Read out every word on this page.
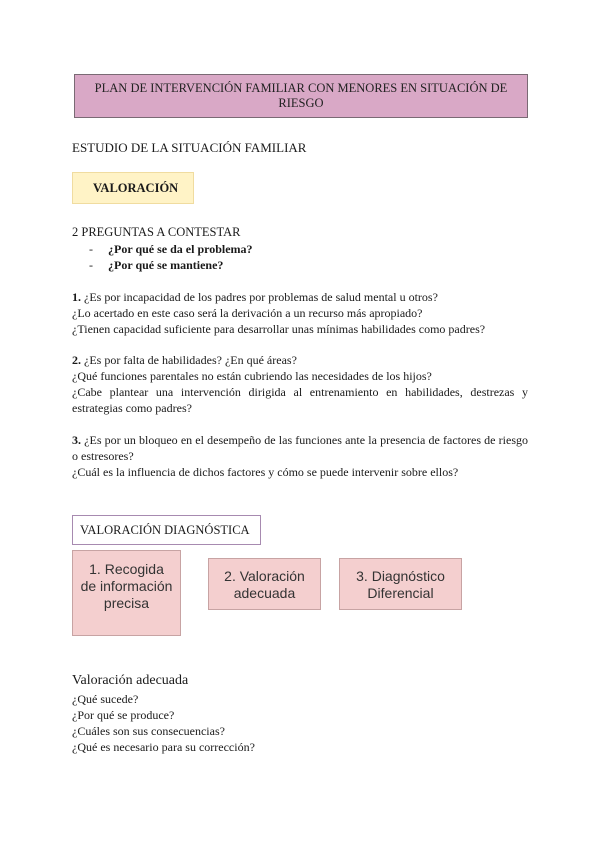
PLAN DE INTERVENCIÓN FAMILIAR CON MENORES EN SITUACIÓN DE
RIESGO
ESTUDIO DE LA SITUACIÓN FAMILIAR
VALORACIÓN
2 PREGUNTAS A CONTESTAR
- ¿Por qué se da el problema?
- ¿Por qué se mantiene?
1. ¿Es por incapacidad de los padres por problemas de salud mental u otros?
¿Lo acertado en este caso será la derivación a un recurso más apropiado?
¿Tienen capacidad suficiente para desarrollar unas mínimas habilidades como padres?
2. ¿Es por falta de habilidades? ¿En qué áreas?
¿Qué funciones parentales no están cubriendo las necesidades de los hijos?
¿Cabe plantear una intervención dirigida al entrenamiento en habilidades, destrezas y estrategias como padres?
3. ¿Es por un bloqueo en el desempeño de las funciones ante la presencia de factores de riesgo o estresores?
¿Cuál es la influencia de dichos factores y cómo se puede intervenir sobre ellos?
VALORACIÓN DIAGNÓSTICA
1. Recogida
de información
precisa
2. Valoración
adecuada
3. Diagnóstico
Diferencial
Valoración adecuada
¿Qué sucede?
¿Por qué se produce?
¿Cuáles son sus consecuencias?
¿Qué es necesario para su corrección?
